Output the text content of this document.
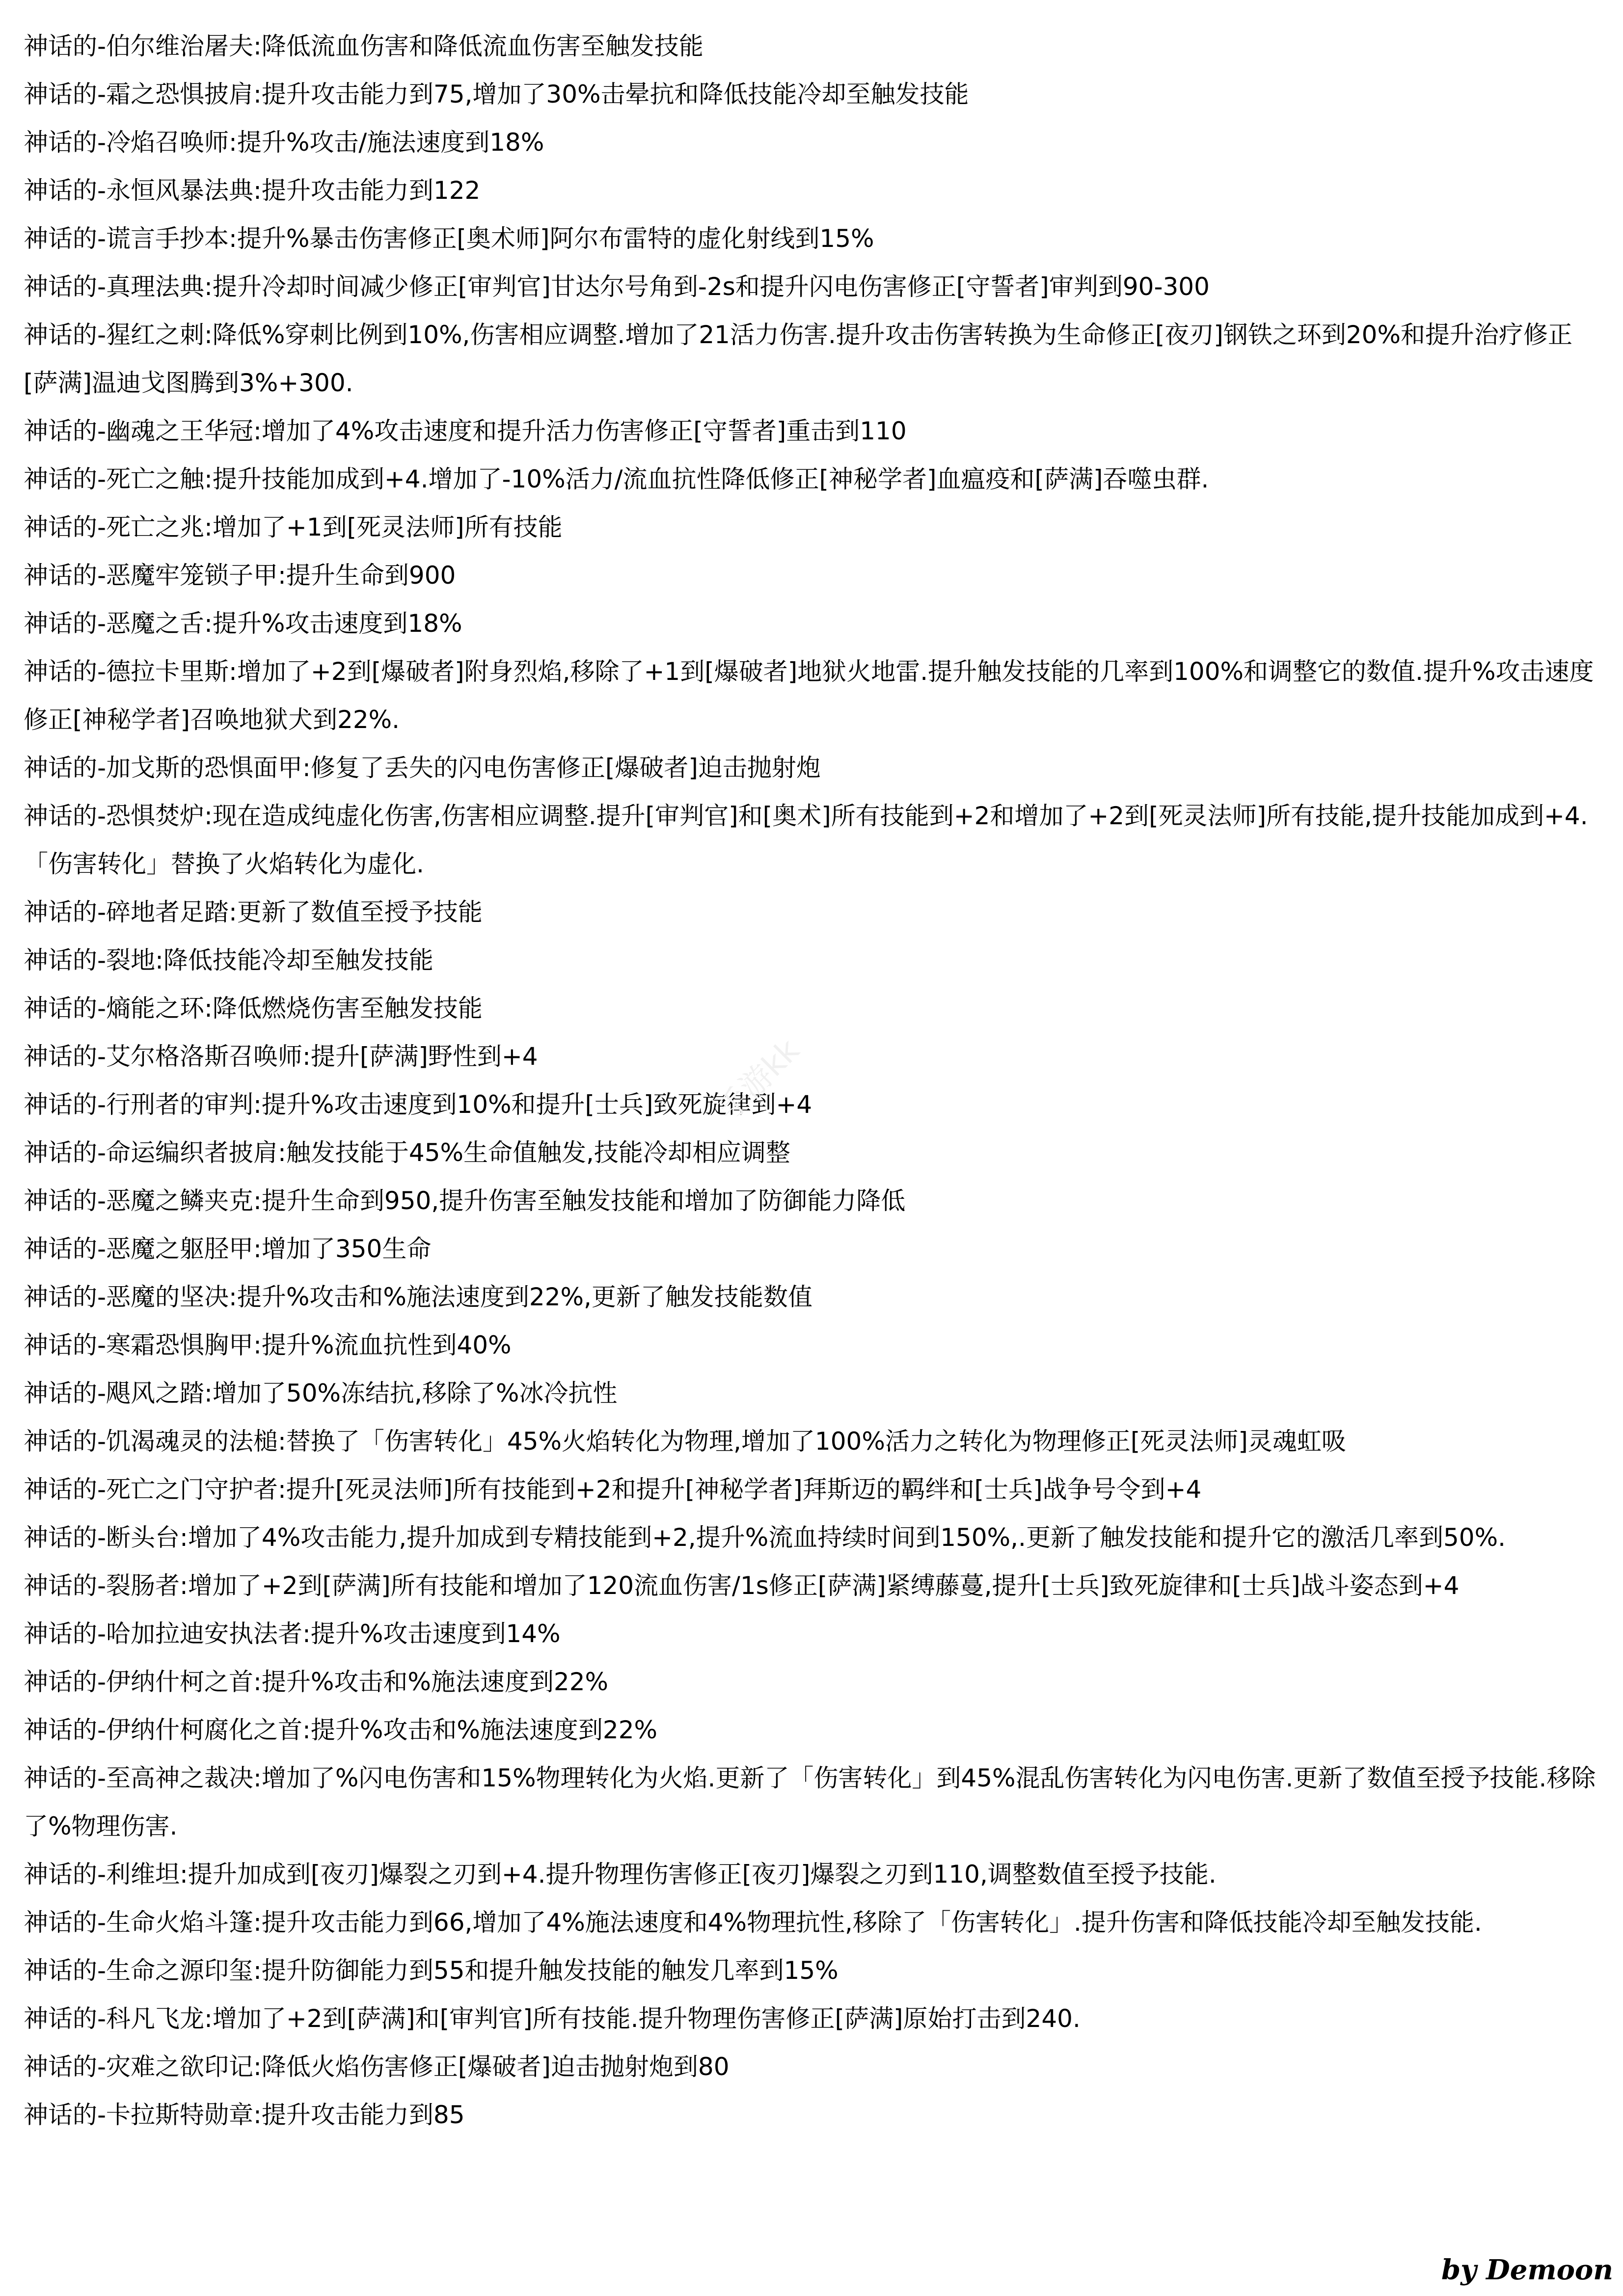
神话的-伯尔维治屠夫:降低流血伤害和降低流血伤害至触发技能

神话的-霜之恐惧披肩:提升攻击能力到75,增加了30%击晕抗和降低技能冷却至触发技能

神话的-冷焰召唤师:提升%攻击/施法速度到18%

神话的-永恒风暴法典:提升攻击能力到122

神话的-谎言手抄本:提升%暴击伤害修正[奥术师]阿尔布雷特的虚化射线到15%

神话的-真理法典:提升冷却时间减少修正[审判官]甘达尔号角到-2s和提升闪电伤害修正[守誓者]审判到90-300

神话的-猩红之刺:降低%穿刺比例到10%,伤害相应调整.增加了21活力伤害.提升攻击伤害转换为生命修正[夜刃]钢铁之环到20%和提升治疗修正[萨满]温迪戈图腾到3%+300.

神话的-幽魂之王华冠:增加了4%攻击速度和提升活力伤害修正[守誓者]重击到110

神话的-死亡之触:提升技能加成到+4.增加了-10%活力/流血抗性降低修正[神秘学者]血瘟疫和[萨满]吞噬虫群.

神话的-死亡之兆:增加了+1到[死灵法师]所有技能

神话的-恶魔牢笼锁子甲:提升生命到900

神话的-恶魔之舌:提升%攻击速度到18%

神话的-德拉卡里斯:增加了+2到[爆破者]附身烈焰,移除了+1到[爆破者]地狱火地雷.提升触发技能的几率到100%和调整它的数值.提升%攻击速度修正[神秘学者]召唤地狱犬到22%.

神话的-加戈斯的恐惧面甲:修复了丢失的闪电伤害修正[爆破者]迫击抛射炮

神话的-恐惧焚炉:现在造成纯虚化伤害,伤害相应调整.提升[审判官]和[奥术]所有技能到+2和增加了+2到[死灵法师]所有技能,提升技能加成到+4.「伤害转化」替换了火焰转化为虚化.

神话的-碎地者足踏:更新了数值至授予技能

神话的-裂地:降低技能冷却至触发技能

神话的-熵能之环:降低燃烧伤害至触发技能

神话的-艾尔格洛斯召唤师:提升[萨满]野性到+4

神话的-行刑者的审判:提升%攻击速度到10%和提升[士兵]致死旋律到+4

神话的-命运编织者披肩:触发技能于45%生命值触发,技能冷却相应调整

神话的-恶魔之鳞夹克:提升生命到950,提升伤害至触发技能和增加了防御能力降低

神话的-恶魔之躯胫甲:增加了350生命

神话的-恶魔的坚决:提升%攻击和%施法速度到22%,更新了触发技能数值

神话的-寒霜恐惧胸甲:提升%流血抗性到40%

神话的-飓风之踏:增加了50%冻结抗,移除了%冰冷抗性

神话的-饥渴魂灵的法槌:替换了「伤害转化」45%火焰转化为物理,增加了100%活力之转化为物理修正[死灵法师]灵魂虹吸

神话的-死亡之门守护者:提升[死灵法师]所有技能到+2和提升[神秘学者]拜斯迈的羁绊和[士兵]战争号令到+4

神话的-断头台:增加了4%攻击能力,提升加成到专精技能到+2,提升%流血持续时间到150%,.更新了触发技能和提升它的激活几率到50%.

神话的-裂肠者:增加了+2到[萨满]所有技能和增加了120流血伤害/1s修正[萨满]紧缚藤蔓,提升[士兵]致死旋律和[士兵]战斗姿态到+4

神话的-哈加拉迪安执法者:提升%攻击速度到14%

神话的-伊纳什柯之首:提升%攻击和%施法速度到22%

神话的-伊纳什柯腐化之首:提升%攻击和%施法速度到22%

神话的-至高神之裁决:增加了%闪电伤害和15%物理转化为火焰.更新了「伤害转化」到45%混乱伤害转化为闪电伤害.更新了数值至授予技能.移除了%物理伤害.

神话的-利维坦:提升加成到[夜刃]爆裂之刃到+4.提升物理伤害修正[夜刃]爆裂之刃到110,调整数值至授予技能.

神话的-生命火焰斗篷:提升攻击能力到66,增加了4%施法速度和4%物理抗性,移除了「伤害转化」.提升伤害和降低技能冷却至触发技能.

神话的-生命之源印玺:提升防御能力到55和提升触发技能的触发几率到15%

神话的-科凡飞龙:增加了+2到[萨满]和[审判官]所有技能.提升物理伤害修正[萨满]原始打击到240.

神话的-灾难之欲印记:降低火焰伤害修正[爆破者]迫击抛射炮到80

神话的-卡拉斯特勋章:提升攻击能力到85

手游kk
by Demoon
